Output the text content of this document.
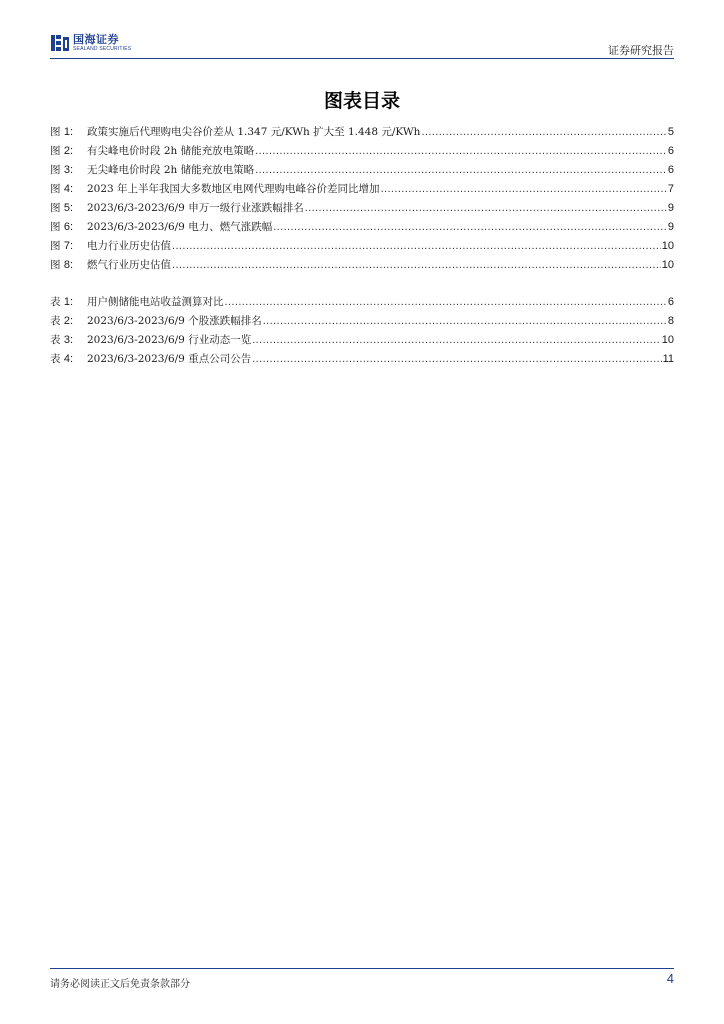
国海证券
SEALAND SECURITIES	证券研究报告
图表目录
图 1:	政策实施后代理购电尖谷价差从 1.347 元/KWh 扩大至 1.448 元/KWh .....	5
图 2:	有尖峰电价时段 2h 储能充放电策略 .....	6
图 3:	无尖峰电价时段 2h 储能充放电策略 .....	6
图 4:	2023 年上半年我国大多数地区电网代理购电峰谷价差同比增加 .....	7
图 5:	2023/6/3-2023/6/9 申万一级行业涨跌幅排名 .....	9
图 6:	2023/6/3-2023/6/9 电力、燃气涨跌幅 .....	9
图 7:	电力行业历史估值 .....	10
图 8:	燃气行业历史估值 .....	10
表 1:	用户侧储能电站收益测算对比 .....	6
表 2:	2023/6/3-2023/6/9 个股涨跌幅排名 .....	8
表 3:	2023/6/3-2023/6/9 行业动态一览 .....	10
表 4:	2023/6/3-2023/6/9 重点公司公告 .....	11
请务必阅读正文后免责条款部分	4
